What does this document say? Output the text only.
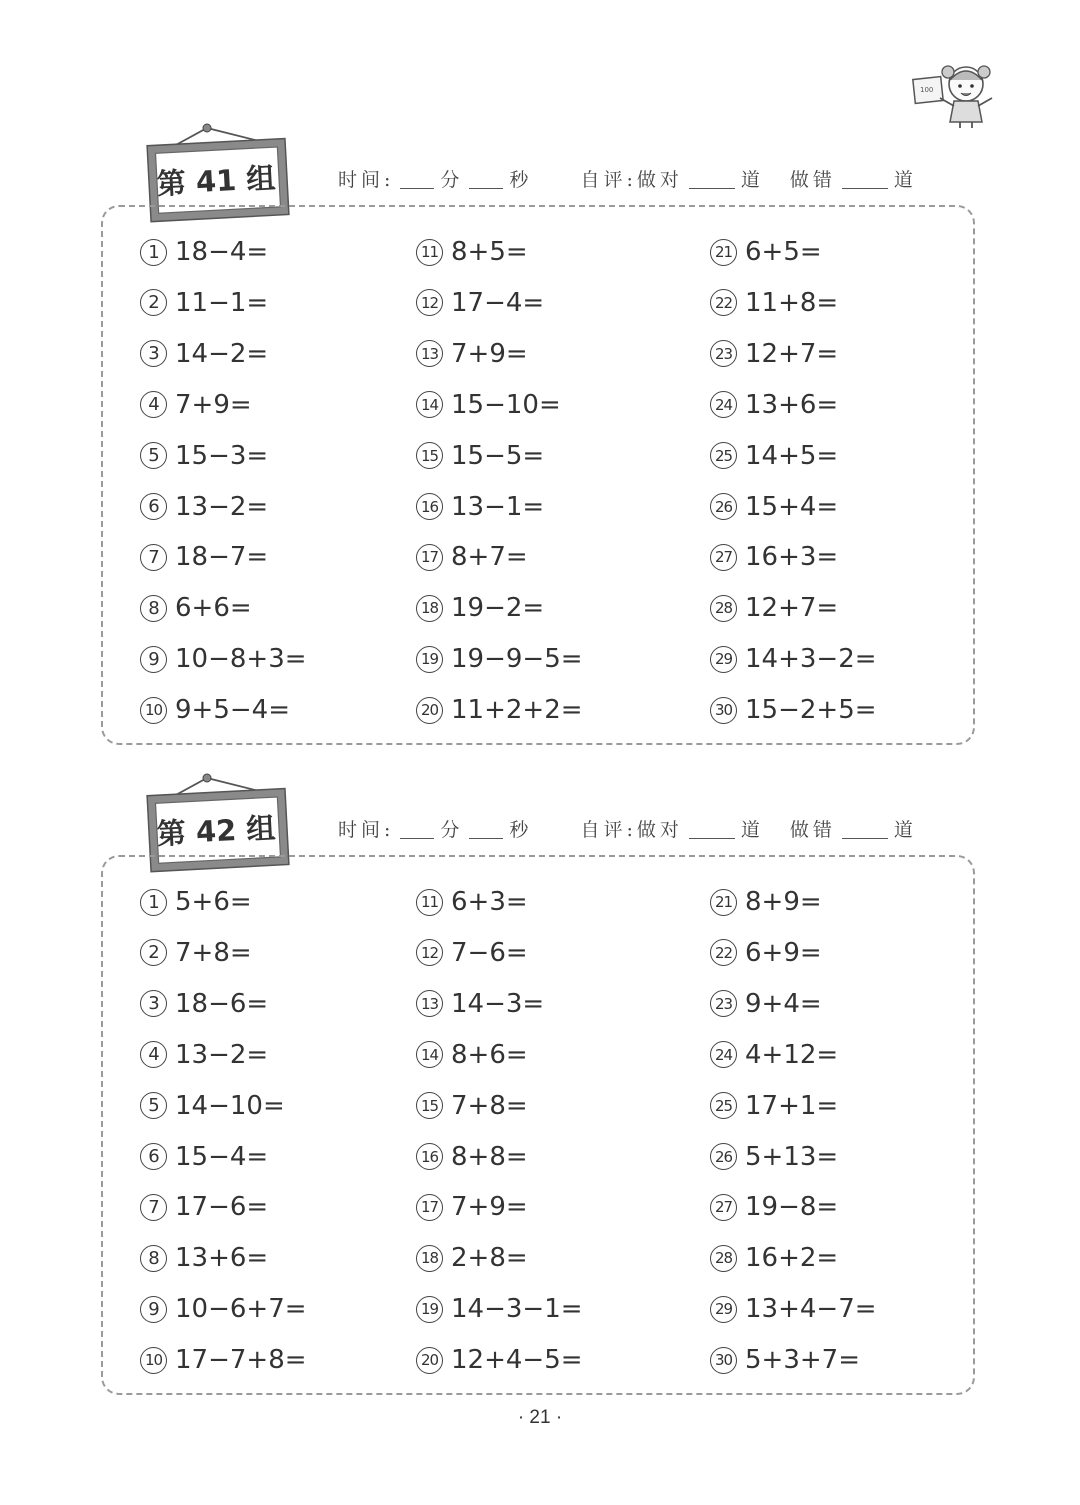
100
第 41 组	时间: 分 秒	自评:做对	道 做错	道
1 18−4=
2 11−1=
3 14−2=
4 7+9=
5 15−3=
6 13−2=
7 18−7=
8 6+6=
9 10−8+3=
10 9+5−4=
11 8+5=
12 17−4=
13 7+9=
14 15−10=
15 15−5=
16 13−1=
17 8+7=
18 19−2=
19 19−9−5=
20 11+2+2=
21 6+5=
22 11+8=
23 12+7=
24 13+6=
25 14+5=
26 15+4=
27 16+3=
28 12+7=
29 14+3−2=
30 15−2+5=
第 42 组	时间: 分 秒	自评:做对	道 做错	道
1 5+6=
2 7+8=
3 18−6=
4 13−2=
5 14−10=
6 15−4=
7 17−6=
8 13+6=
9 10−6+7=
10 17−7+8=
11 6+3=
12 7−6=
13 14−3=
14 8+6=
15 7+8=
16 8+8=
17 7+9=
18 2+8=
19 14−3−1=
20 12+4−5=
21 8+9=
22 6+9=
23 9+4=
24 4+12=
25 17+1=
26 5+13=
27 19−8=
28 16+2=
29 13+4−7=
30 5+3+7=
· 21 ·
